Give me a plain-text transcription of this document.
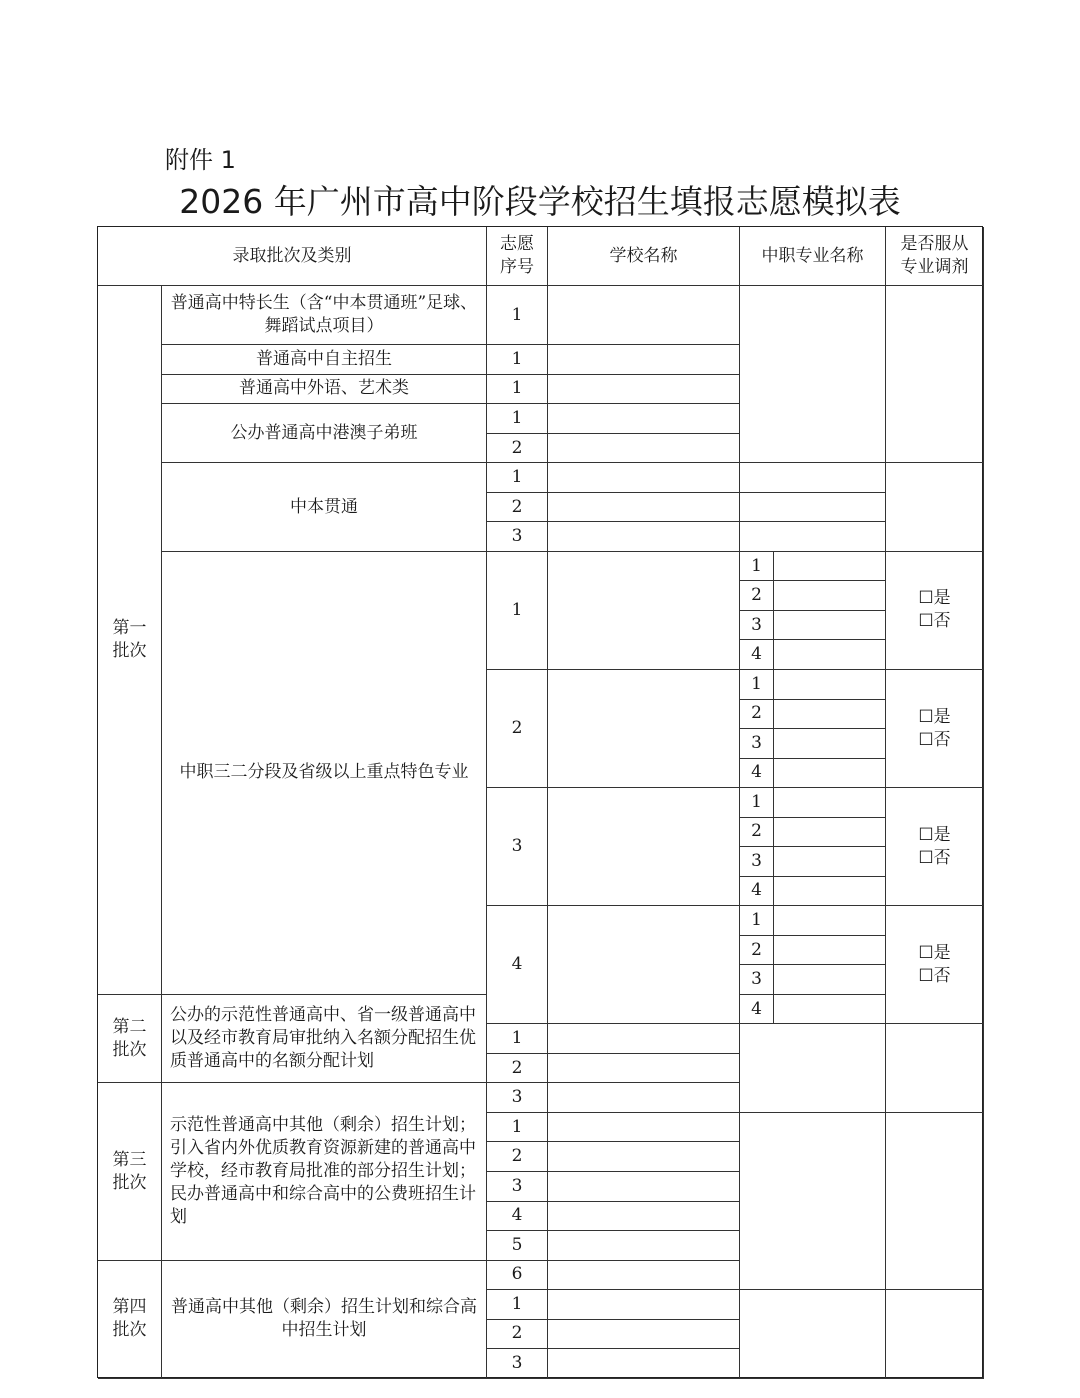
附件 1
2026 年广州市高中阶段学校招生填报志愿模拟表
录取批次及类别
志愿
序号
学校名称	中职专业名称
是否服从
专业调剂
第一
批次
第二
批次
第三
批次
第四
批次
普通高中特长生（含“中本贯通班”足球、舞蹈试点项目）
普通高中自主招生
普通高中外语、艺术类
公办普通高中港澳子弟班
中本贯通
中职三二分段及省级以上重点特色专业
公办的示范性普通高中、省一级普通高中以及经市教育局审批纳入名额分配招生优质普通高中的名额分配计划
示范性普通高中其他（剩余）招生计划；引入省内外优质教育资源新建的普通高中学校，经市教育局批准的部分招生计划；民办普通高中和综合高中的公费班招生计划
普通高中其他（剩余）招生计划和综合高中招生计划
1
1
1
1
2
1
2
3
1
2
3
4
1
2
3
4
☐是
☐否
1
2
3
4
☐是
☐否
1
2
3
4
☐是
☐否
1
2
3
4
☐是
☐否
1
2
3
1
2
3
4
5
6
1
2
3
